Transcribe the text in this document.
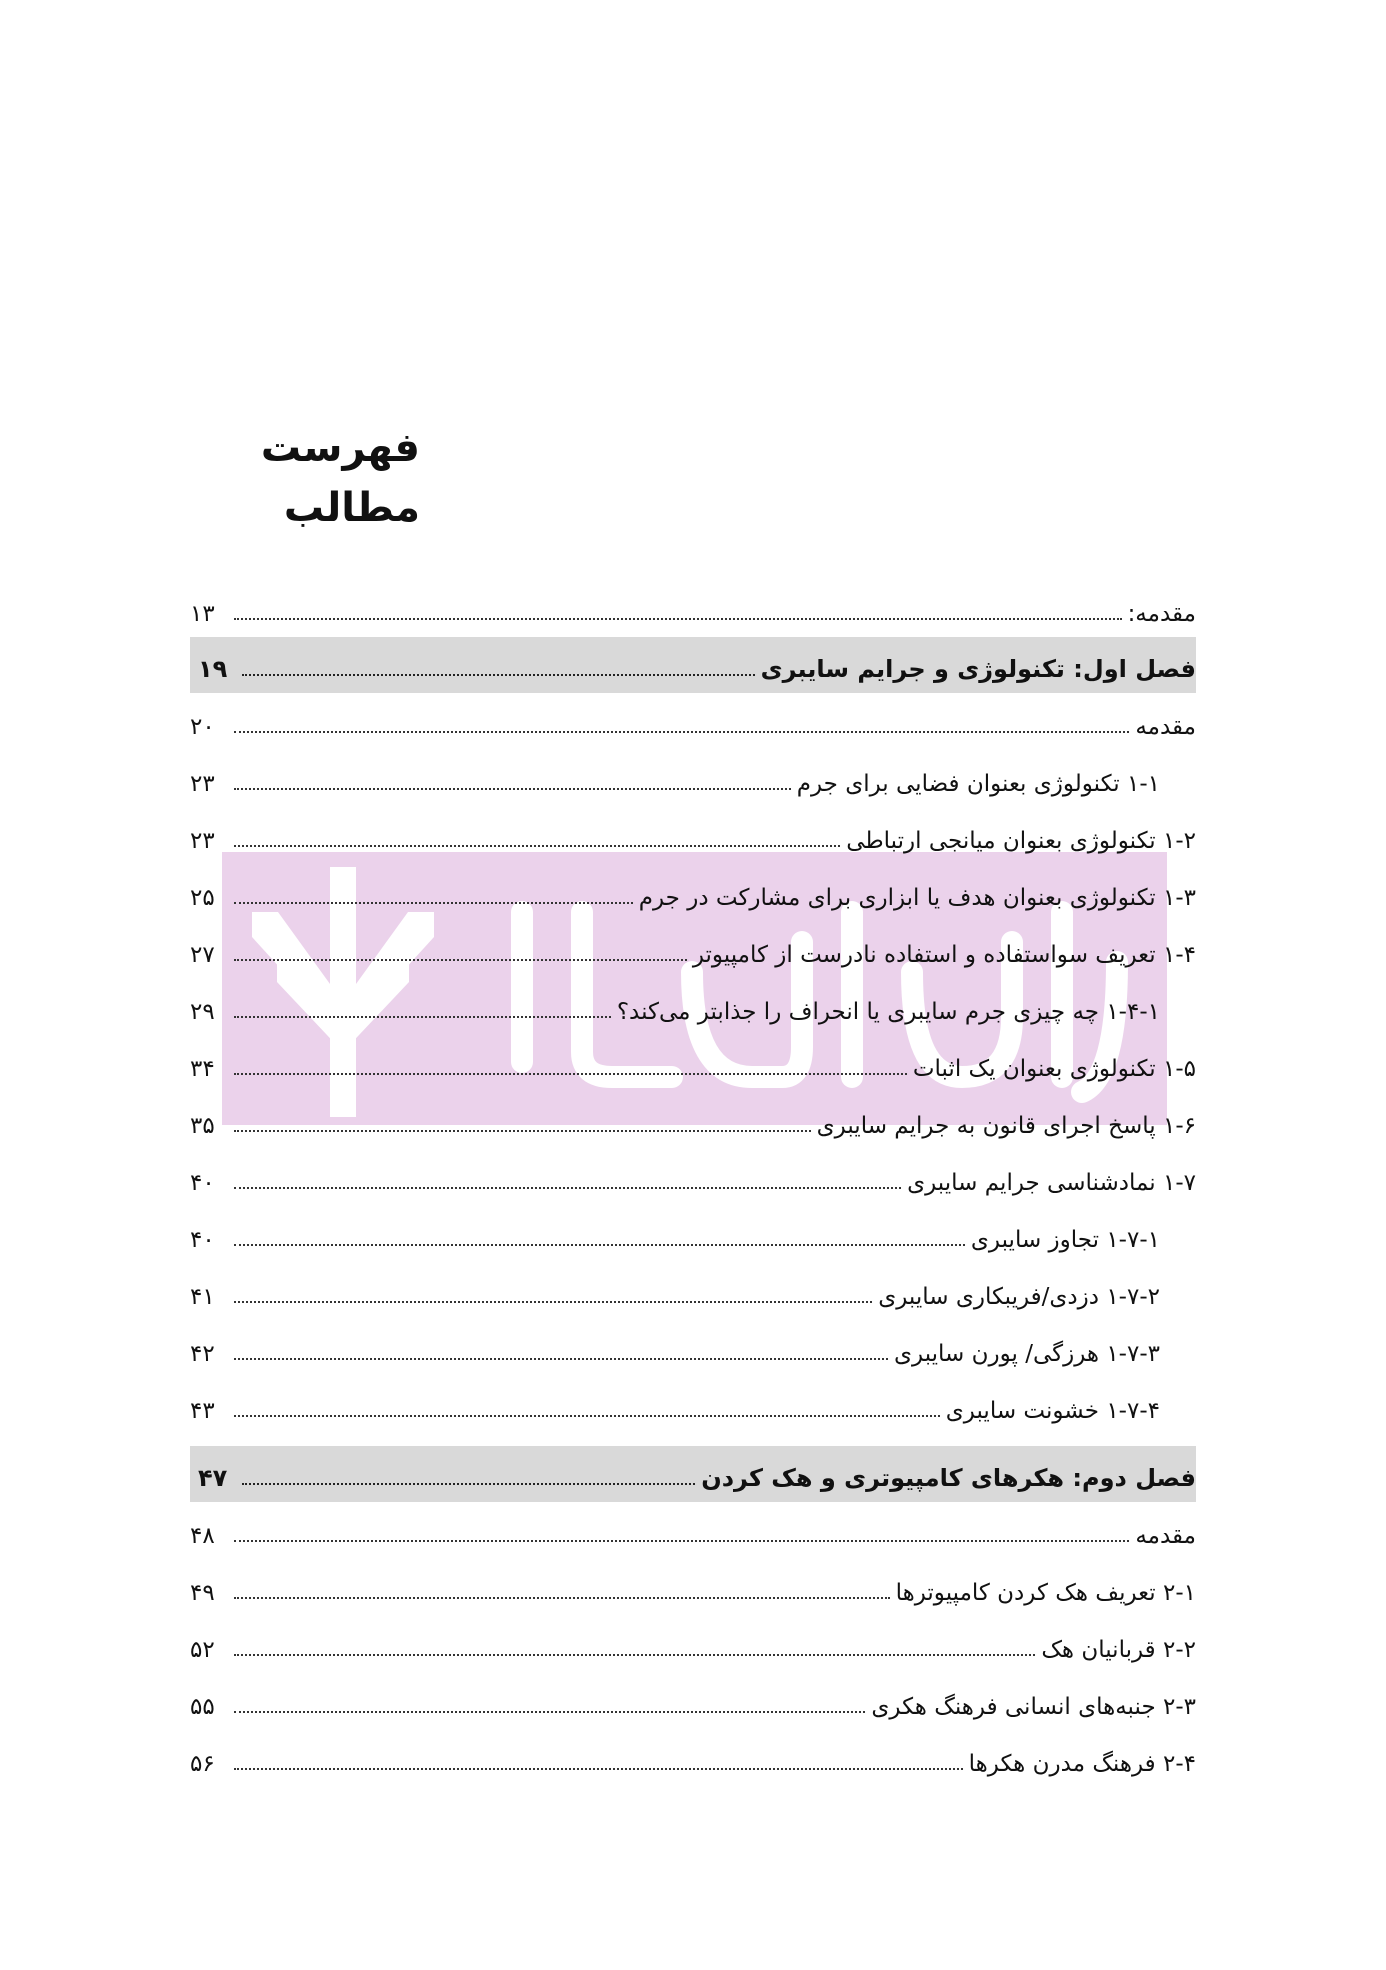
فهرست مطالب
مقدمه:
۱۳
فصل اول: تکنولوژی و جرایم سایبری
۱۹
مقدمه
۲۰
۱-۱ تکنولوژی بعنوان فضایی برای جرم
۲۳
۱-۲ تکنولوژی بعنوان میانجی ارتباطی
۲۳
۱-۳ تکنولوژی بعنوان هدف یا ابزاری برای مشارکت در جرم
۲۵
۱-۴ تعریف سواستفاده و استفاده نادرست از کامپیوتر
۲۷
۱-۴-۱ چه چیزی جرم سایبری یا انحراف را جذابتر می‌کند؟
۲۹
۱-۵ تکنولوژی بعنوان یک اثبات
۳۴
۱-۶ پاسخ اجرای قانون به جرایم سایبری
۳۵
۱-۷ نمادشناسی جرایم سایبری
۴۰
۱-۷-۱ تجاوز سایبری
۴۰
۱-۷-۲ دزدی/فریبکاری سایبری
۴۱
۱-۷-۳ هرزگی/ پورن سایبری
۴۲
۱-۷-۴ خشونت سایبری
۴۳
فصل دوم: هکرهای کامپیوتری و هک کردن
۴۷
مقدمه
۴۸
۲-۱ تعریف هک کردن کامپیوترها
۴۹
۲-۲ قربانیان هک
۵۲
۲-۳ جنبه‌های انسانی فرهنگ هکری
۵۵
۲-۴ فرهنگ مدرن هکرها
۵۶
